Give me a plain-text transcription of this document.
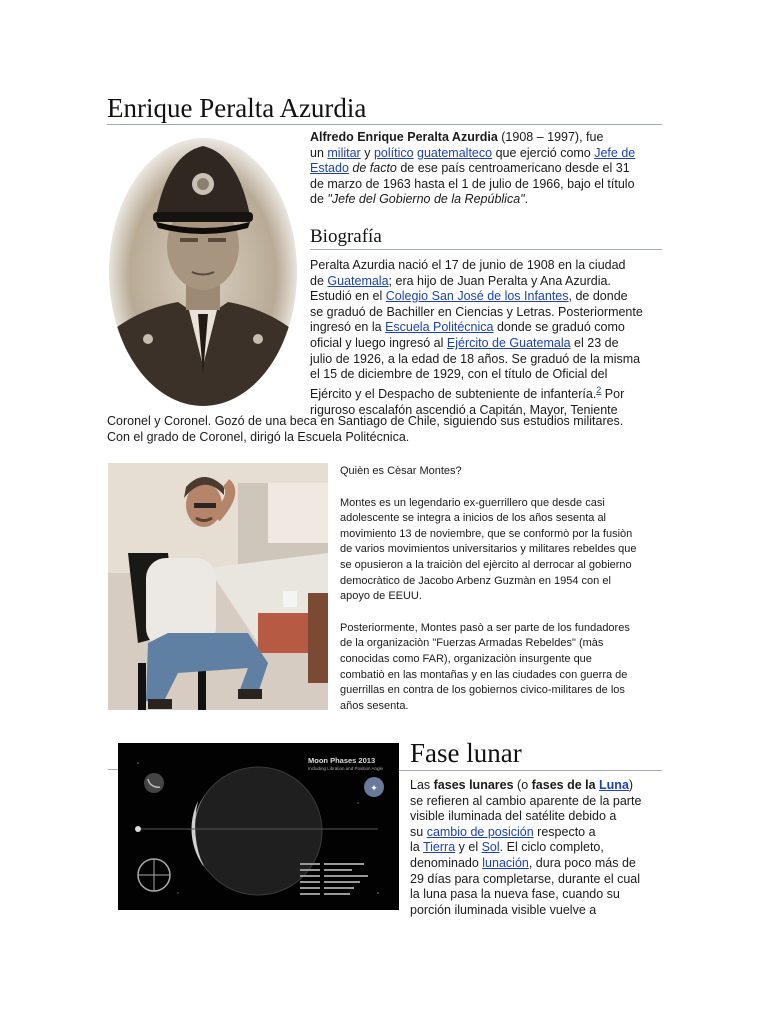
Enrique Peralta Azurdia
Alfredo Enrique Peralta Azurdia (1908 – 1997), fue
un militar y político guatemalteco que ejerció como Jefe de
Estado de facto de ese país centroamericano desde el 31
de marzo de 1963 hasta el 1 de julio de 1966, bajo el título
de "Jefe del Gobierno de la República".
Biografía
Peralta Azurdia nació el 17 de junio de 1908 en la ciudad
de Guatemala; era hijo de Juan Peralta y Ana Azurdia.
Estudió en el Colegio San José de los Infantes, de donde
se graduó de Bachiller en Ciencias y Letras. Posteriormente
ingresó en la Escuela Politécnica donde se graduó como
oficial y luego ingresó al Ejército de Guatemala el 23 de
julio de 1926, a la edad de 18 años. Se graduó de la misma
el 15 de diciembre de 1929, con el título de Oficial del
Ejército y el Despacho de subteniente de infantería.$^2$ Por
riguroso escalafón ascendió a Capitán, Mayor, Teniente
Coronel y Coronel. Gozó de una beca en Santiago de Chile, siguiendo sus estudios militares.
Con el grado de Coronel, dirigó la Escuela Politécnica.
Quièn es Cèsar Montes?
Montes es un legendario ex-guerrillero que desde casi
adolescente se integra a inicios de los años sesenta al
movimiento 13 de noviembre, que se conformò por la fusiòn
de varios movimientos universitarios y militares rebeldes que
se opusieron a la traiciòn del ejèrcito al derrocar al gobierno
democràtico de Jacobo Arbenz Guzmàn en 1954 con el
apoyo de EEUU.
Posteriormente, Montes pasò a ser parte de los fundadores
de la organizaciòn "Fuerzas Armadas Rebeldes" (màs
conocidas como FAR), organizaciòn insurgente que
combatiò en las montañas y en las ciudades con guerra de
guerrillas en contra de los gobiernos civico-militares de los
años sesenta.
✦
Moon Phases 2013
Including Libration and Position Angle
Fase lunar
Las fases lunares (o fases de la Luna)
se refieren al cambio aparente de la parte
visible iluminada del satélite debido a
su cambio de posición respecto a
la Tierra y el Sol. El ciclo completo,
denominado lunación, dura poco más de
29 días para completarse, durante el cual
la luna pasa la nueva fase, cuando su
porción iluminada visible vuelve a
